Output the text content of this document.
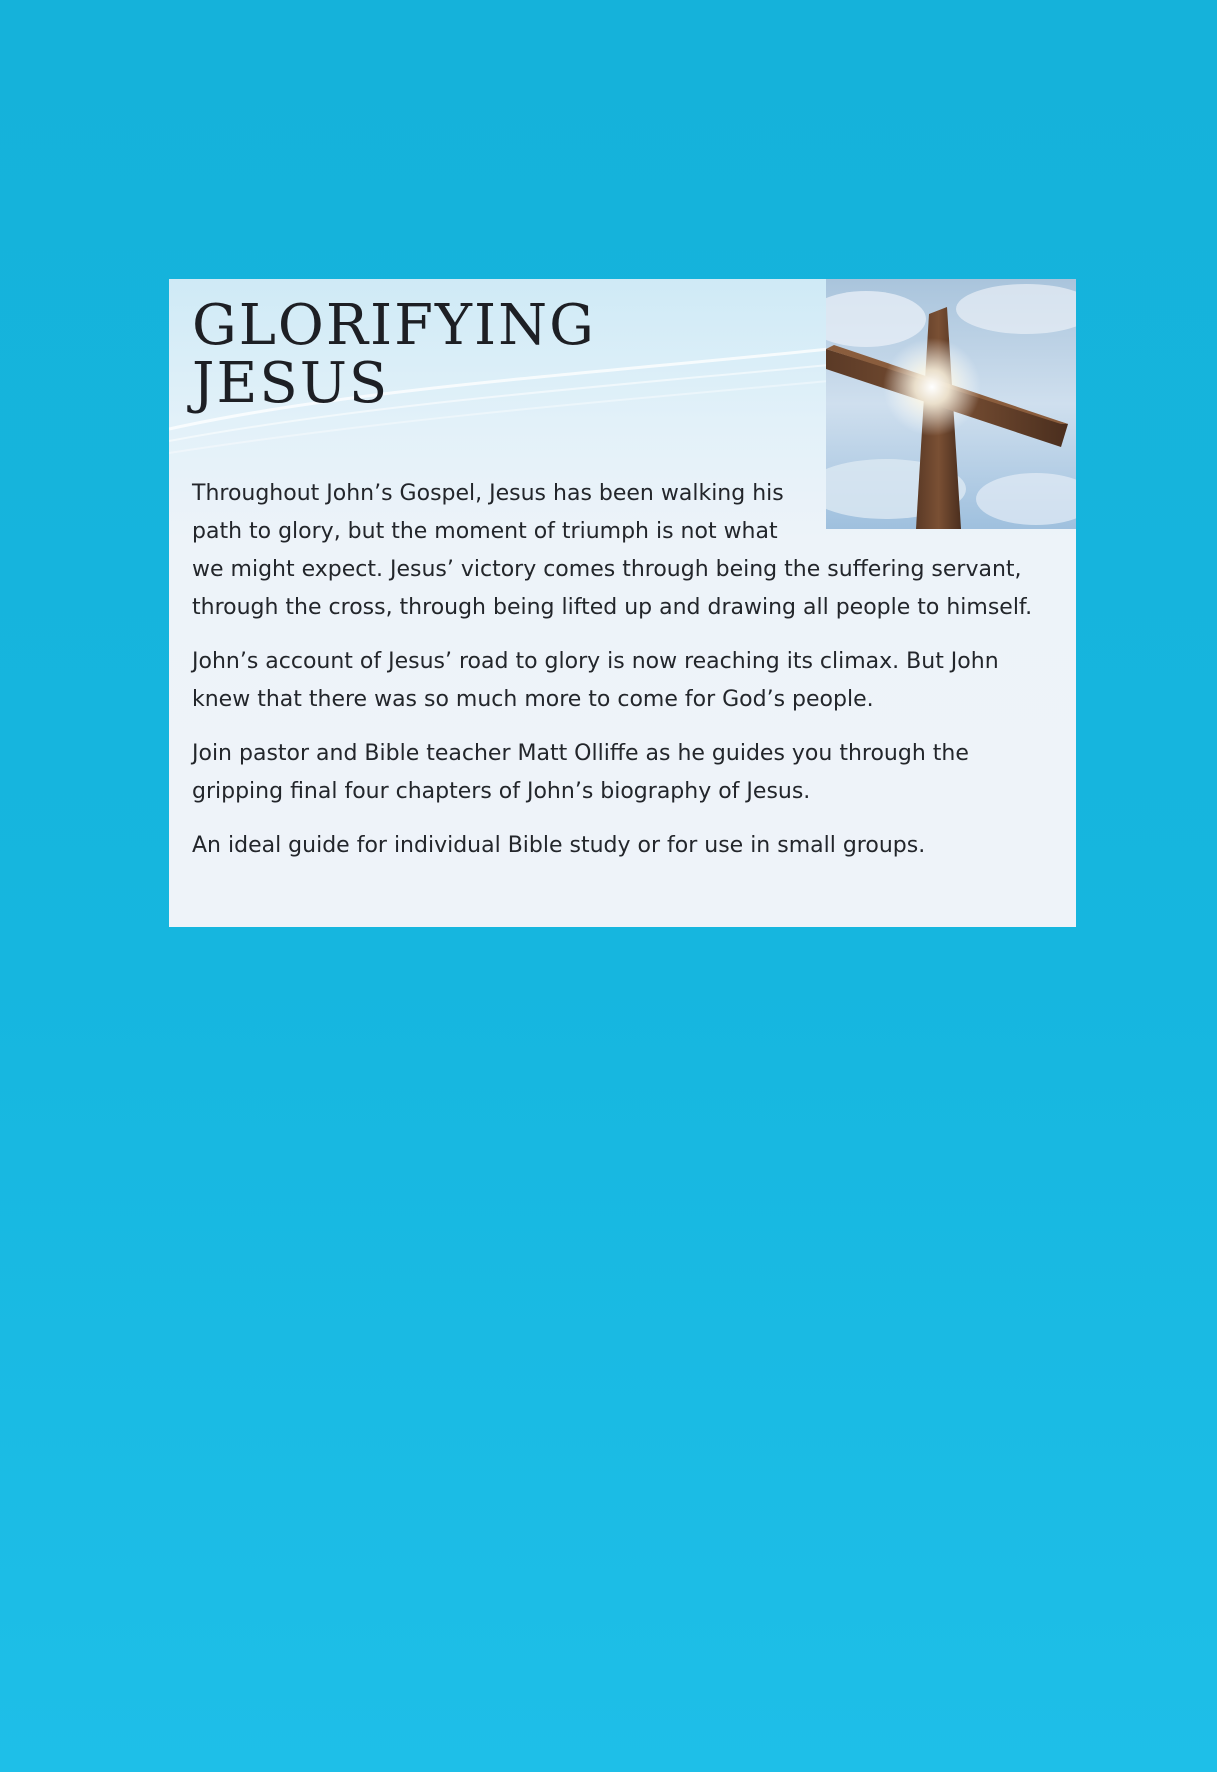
GLORIFYING
JESUS

Throughout John’s Gospel, Jesus has been walking his path to glory, but the moment of triumph is not what we might expect. Jesus’ victory comes through being the suffering servant, through the cross, through being lifted up and drawing all people to himself.

John’s account of Jesus’ road to glory is now reaching its climax. But John knew that there was so much more to come for God’s people.

Join pastor and Bible teacher Matt Olliffe as he guides you through the gripping final four chapters of John’s biography of Jesus.

An ideal guide for individual Bible study or for use in small groups.
